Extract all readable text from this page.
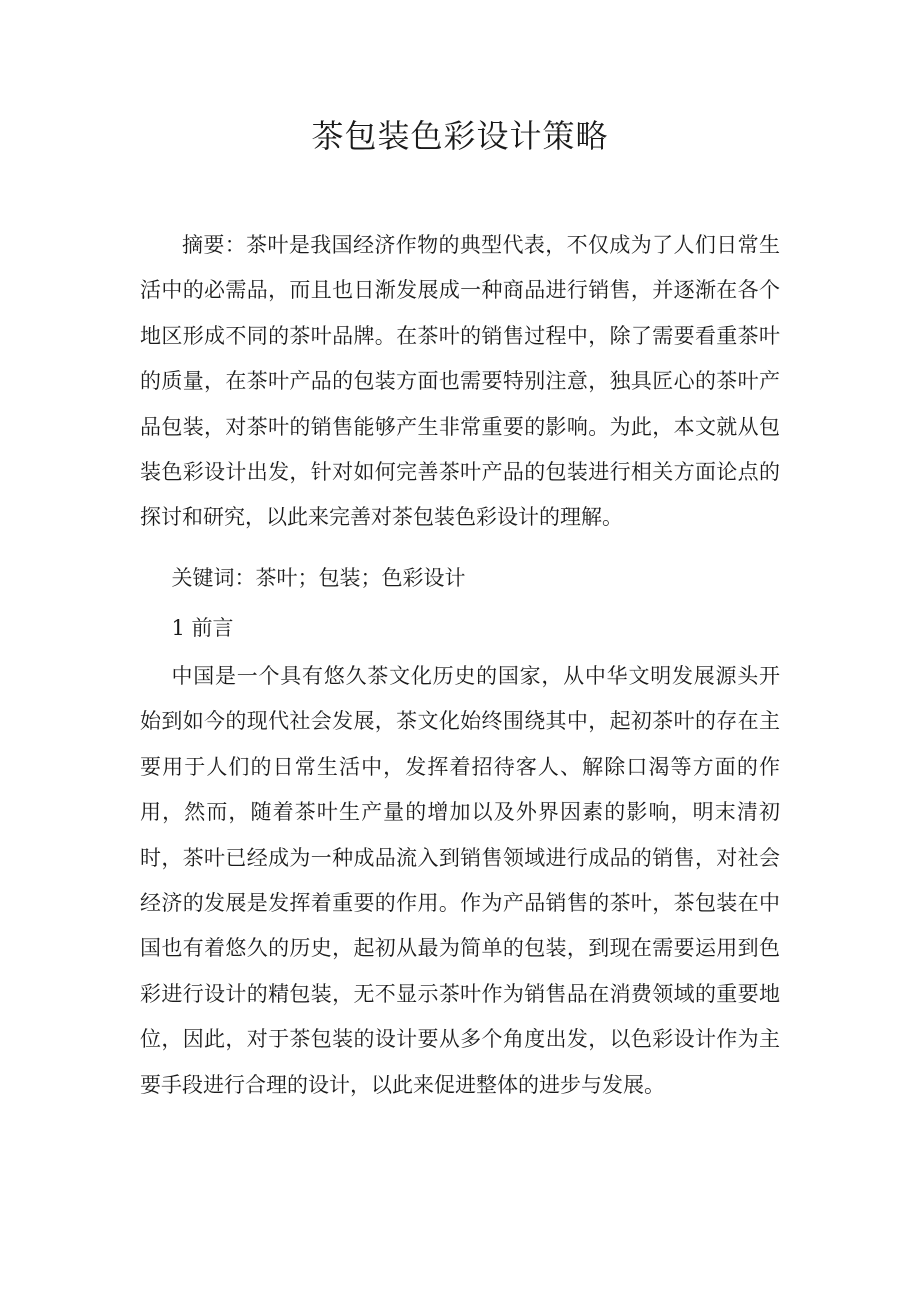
茶包装色彩设计策略

摘要：茶叶是我国经济作物的典型代表，不仅成为了人们日常生活中的必需品，而且也日渐发展成一种商品进行销售，并逐渐在各个地区形成不同的茶叶品牌。在茶叶的销售过程中，除了需要看重茶叶的质量，在茶叶产品的包装方面也需要特别注意，独具匠心的茶叶产品包装，对茶叶的销售能够产生非常重要的影响。为此，本文就从包装色彩设计出发，针对如何完善茶叶产品的包装进行相关方面论点的探讨和研究，以此来完善对茶包装色彩设计的理解。

关键词：茶叶；包装；色彩设计

1 前言

中国是一个具有悠久茶文化历史的国家，从中华文明发展源头开始到如今的现代社会发展，茶文化始终围绕其中，起初茶叶的存在主要用于人们的日常生活中，发挥着招待客人、解除口渴等方面的作用，然而，随着茶叶生产量的增加以及外界因素的影响，明末清初时，茶叶已经成为一种成品流入到销售领域进行成品的销售，对社会经济的发展是发挥着重要的作用。作为产品销售的茶叶，茶包装在中国也有着悠久的历史，起初从最为简单的包装，到现在需要运用到色彩进行设计的精包装，无不显示茶叶作为销售品在消费领域的重要地位，因此，对于茶包装的设计要从多个角度出发，以色彩设计作为主要手段进行合理的设计，以此来促进整体的进步与发展。
